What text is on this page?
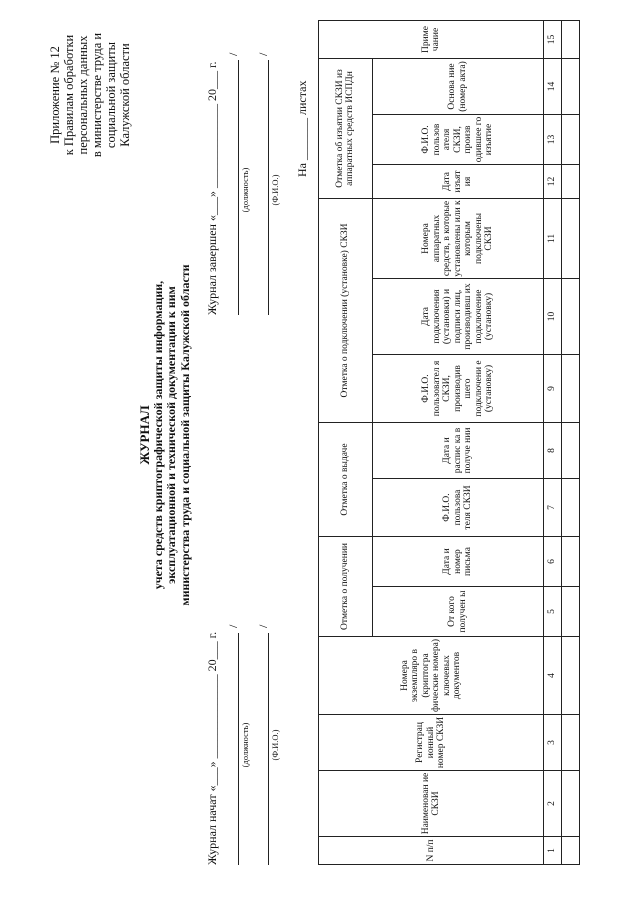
Приложение № 12 к Правилам обработки персональных данных в министерстве труда и социальной защиты Калужской области
ЖУРНАЛ
учета средств криптографической защиты информации, эксплуатационной и технической документации к ним министерства труда и социальной защиты Калужской области
Журнал начат «___» ______________ 20___ г.
/
(должность)
/
(Ф.И.О.)
Журнал завершен «___» ______________ 20___ г.
/
(должность)
/
(Ф.И.О.)
На _______ листах
N п/п	Наименован ие СКЗИ	Регистрац ионный номер СКЗИ	Номера экземпляро в (криптогра фические номера) ключевых документов	Отметка о получении		Отметка о выдаче		Отметка о подключении (установке) СКЗИ			Отметка об изъятии СКЗИ из аппаратных средств ИСПДн			Приме чание
				От кого получен ы	Дата и номер письма	Ф.И.О. пользова теля СКЗИ	Дата и распис ка в получе нии	Ф.И.О. пользовател я СКЗИ, производив шего подключени е (установку)	Дата подключения (установки) и подписи лиц, производивш их подключение (установку)	Номера аппаратных средств, в которые установлены или к которым подключены СКЗИ	Дата изъят ия	Ф.И.О. пользов ателя СКЗИ, произв одившее го изъятие	Основа ние (номер акта)	
1	2	3	4	5	6	7	8	9	10	11	12	13	14	15
